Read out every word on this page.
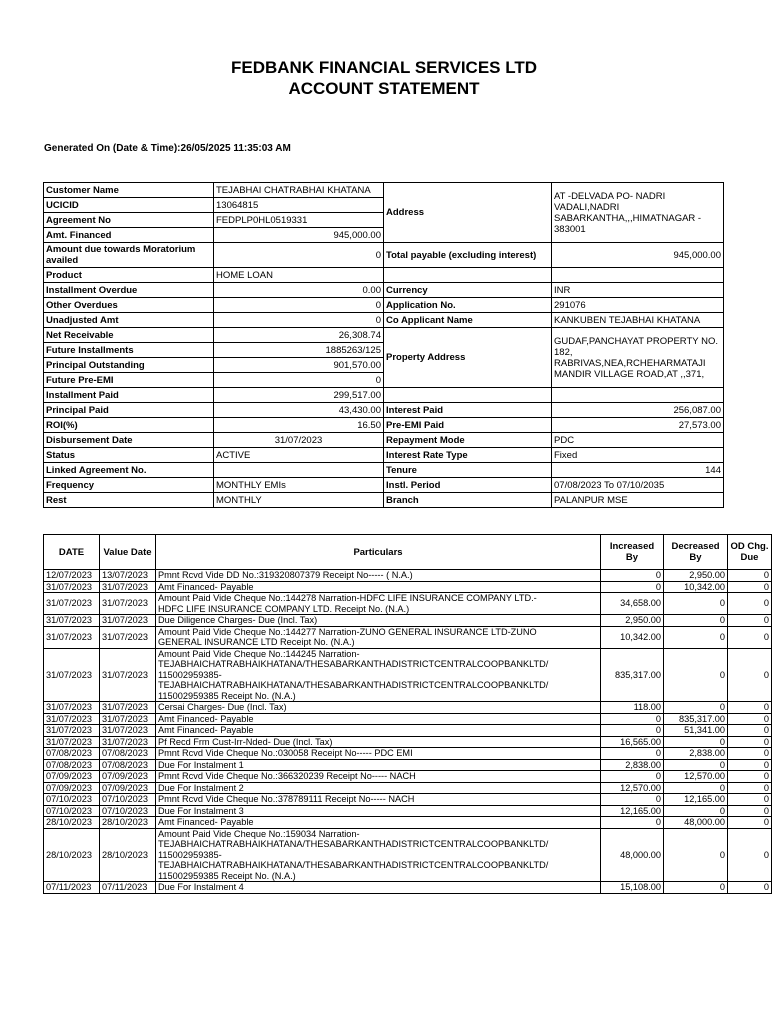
FEDBANK FINANCIAL SERVICES LTD
ACCOUNT STATEMENT
Generated On (Date & Time):26/05/2025 11:35:03 AM
Customer Name	TEJABHAI CHATRABHAI KHATANA	Address	AT -DELVADA PO- NADRI VADALI,NADRI SABARKANTHA,,,HIMATNAGAR - 383001
UCICID	13064815		
Agreement No	FEDPLP0HL0519331		
Amt. Financed	945,000.00		
Amount due towards Moratorium availed	0	Total payable (excluding interest)	945,000.00
Product	HOME LOAN		
Installment Overdue	0.00	Currency	INR
Other Overdues	0	Application No.	291076
Unadjusted Amt	0	Co Applicant Name	KANKUBEN TEJABHAI KHATANA
Net Receivable	26,308.74	Property Address	GUDAF,PANCHAYAT PROPERTY NO. 182, RABRIVAS,NEA,RCHEHARMATAJI MANDIR VILLAGE ROAD,AT ,,371,
Future Installments	1885263/125		
Principal Outstanding	901,570.00		
Future Pre-EMI	0		
Installment Paid	299,517.00		
Principal Paid	43,430.00	Interest Paid	256,087.00
ROI(%)	16.50	Pre-EMI Paid	27,573.00
Disbursement Date	31/07/2023	Repayment Mode	PDC
Status	ACTIVE	Interest Rate Type	Fixed
Linked Agreement No.		Tenure	144
Frequency	MONTHLY EMIs	Instl. Period	07/08/2023 To 07/10/2035
Rest	MONTHLY	Branch	PALANPUR MSE
DATE	Value Date	Particulars	Increased By	Decreased By	OD Chg. Due
12/07/2023	13/07/2023	Pmnt Rcvd Vide DD No.:319320807379 Receipt No----- ( N.A.)	0	2,950.00	0
31/07/2023	31/07/2023	Amt Financed- Payable	0	10,342.00	0
31/07/2023	31/07/2023	Amount Paid Vide Cheque No.:144278 Narration-HDFC LIFE INSURANCE COMPANY LTD.-
HDFC LIFE INSURANCE COMPANY LTD. Receipt No. (N.A.)	34,658.00	0	0
31/07/2023	31/07/2023	Due Diligence Charges- Due (Incl. Tax)	2,950.00	0	0
31/07/2023	31/07/2023	Amount Paid Vide Cheque No.:144277 Narration-ZUNO GENERAL INSURANCE LTD-ZUNO
GENERAL INSURANCE LTD Receipt No. (N.A.)	10,342.00	0	0
31/07/2023	31/07/2023	Amount Paid Vide Cheque No.:144245 Narration-
TEJABHAICHATRABHAIKHATANA/THESABARKANTHADISTRICTCENTRALCOOPBANKLTD/
115002959385-
TEJABHAICHATRABHAIKHATANA/THESABARKANTHADISTRICTCENTRALCOOPBANKLTD/
115002959385 Receipt No. (N.A.)	835,317.00	0	0
31/07/2023	31/07/2023	Cersai Charges- Due (Incl. Tax)	118.00	0	0
31/07/2023	31/07/2023	Amt Financed- Payable	0	835,317.00	0
31/07/2023	31/07/2023	Amt Financed- Payable	0	51,341.00	0
31/07/2023	31/07/2023	Pf Recd Frm Cust-Irr-Nded- Due (Incl. Tax)	16,565.00	0	0
07/08/2023	07/08/2023	Pmnt Rcvd Vide Cheque No.:030058 Receipt No----- PDC EMI	0	2,838.00	0
07/08/2023	07/08/2023	Due For Instalment 1	2,838.00	0	0
07/09/2023	07/09/2023	Pmnt Rcvd Vide Cheque No.:366320239 Receipt No----- NACH	0	12,570.00	0
07/09/2023	07/09/2023	Due For Instalment 2	12,570.00	0	0
07/10/2023	07/10/2023	Pmnt Rcvd Vide Cheque No.:378789111 Receipt No----- NACH	0	12,165.00	0
07/10/2023	07/10/2023	Due For Instalment 3	12,165.00	0	0
28/10/2023	28/10/2023	Amt Financed- Payable	0	48,000.00	0
28/10/2023	28/10/2023	Amount Paid Vide Cheque No.:159034 Narration-
TEJABHAICHATRABHAIKHATANA/THESABARKANTHADISTRICTCENTRALCOOPBANKLTD/
115002959385-
TEJABHAICHATRABHAIKHATANA/THESABARKANTHADISTRICTCENTRALCOOPBANKLTD/
115002959385 Receipt No. (N.A.)	48,000.00	0	0
07/11/2023	07/11/2023	Due For Instalment 4	15,108.00	0	0
